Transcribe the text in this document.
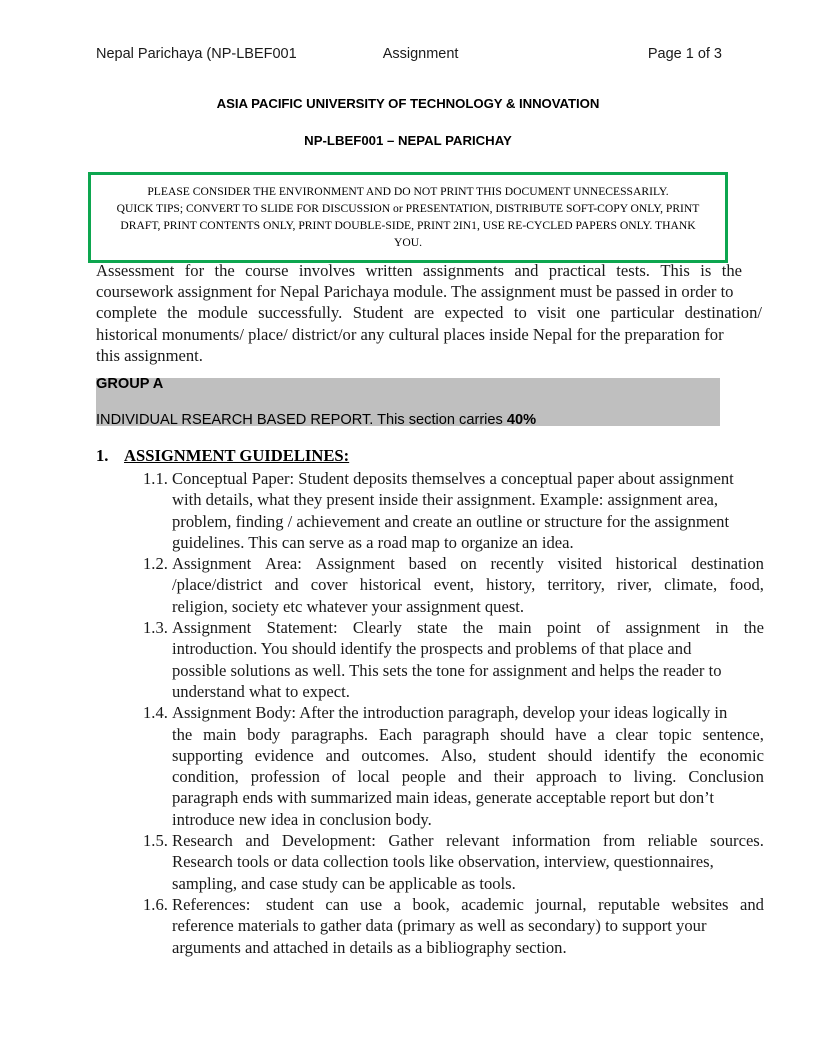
Nepal Parichaya (NP-LBEF001	Assignment	Page 1 of 3
ASIA PACIFIC UNIVERSITY OF TECHNOLOGY & INNOVATION
NP-LBEF001 – NEPAL PARICHAY

PLEASE CONSIDER THE ENVIRONMENT AND DO NOT PRINT THIS DOCUMENT UNNECESSARILY.

QUICK TIPS; CONVERT TO SLIDE FOR DISCUSSION or PRESENTATION, DISTRIBUTE SOFT-COPY ONLY, PRINT

DRAFT, PRINT CONTENTS ONLY, PRINT DOUBLE-SIDE, PRINT 2IN1, USE RE-CYCLED PAPERS ONLY. THANK

YOU.

Assessment for the course involves written assignments and practical tests. This is the
coursework assignment for Nepal Parichaya module. The assignment must be passed in order to
complete the module successfully. Student are expected to visit one particular destination/
historical monuments/ place/ district/or any cultural places inside Nepal for the preparation for
this assignment.
GROUP A
INDIVIDUAL RSEARCH BASED REPORT. This section carries 40%
1. ASSIGNMENT GUIDELINES:
1.1. Conceptual Paper: Student deposits themselves a conceptual paper about assignment
with details, what they present inside their assignment. Example: assignment area,
problem, finding / achievement and create an outline or structure for the assignment
guidelines. This can serve as a road map to organize an idea.
1.2. Assignment Area: Assignment based on recently visited historical destination
/place/district and cover historical event, history, territory, river, climate, food,
religion, society etc whatever your assignment quest.
1.3. Assignment Statement: Clearly state the main point of assignment in the
introduction. You should identify the prospects and problems of that place and
possible solutions as well. This sets the tone for assignment and helps the reader to
understand what to expect.
1.4. Assignment Body: After the introduction paragraph, develop your ideas logically in
the main body paragraphs. Each paragraph should have a clear topic sentence,
supporting evidence and outcomes. Also, student should identify the economic
condition, profession of local people and their approach to living. Conclusion
paragraph ends with summarized main ideas, generate acceptable report but don’t
introduce new idea in conclusion body.
1.5. Research and Development: Gather relevant information from reliable sources.
Research tools or data collection tools like observation, interview, questionnaires,
sampling, and case study can be applicable as tools.
1.6. References: student can use a book, academic journal, reputable websites and
reference materials to gather data (primary as well as secondary) to support your
arguments and attached in details as a bibliography section.
